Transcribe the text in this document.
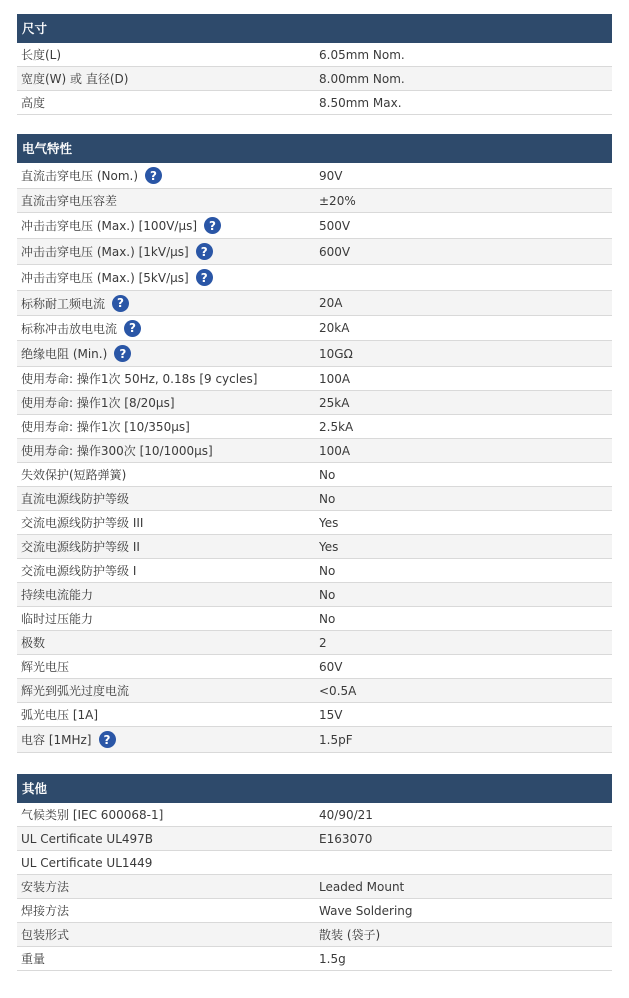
尺寸
长度(L)	6.05mm Nom.
宽度(W) 或 直径(D)	8.00mm Nom.
高度	8.50mm Max.
电气特性
直流击穿电压 (Nom.)	?	90V
直流击穿电压容差	±20%
冲击击穿电压 (Max.) [100V/µs]	?	500V
冲击击穿电压 (Max.) [1kV/µs]	?	600V
冲击击穿电压 (Max.) [5kV/µs]	?
标称耐工频电流	?	20A
标称冲击放电电流	?	20kA
绝缘电阻 (Min.)	?	10GΩ
使用寿命: 操作1次 50Hz, 0.18s [9 cycles]	100A
使用寿命: 操作1次 [8/20µs]	25kA
使用寿命: 操作1次 [10/350µs]	2.5kA
使用寿命: 操作300次 [10/1000µs]	100A
失效保护(短路弹簧)	No
直流电源线防护等级	No
交流电源线防护等级 III	Yes
交流电源线防护等级 II	Yes
交流电源线防护等级 I	No
持续电流能力	No
临时过压能力	No
极数	2
辉光电压	60V
辉光到弧光过度电流	<0.5A
弧光电压 [1A]	15V
电容 [1MHz]	?	1.5pF
其他
气候类别 [IEC 600068-1]	40/90/21
UL Certificate UL497B	E163070
UL Certificate UL1449
安装方法	Leaded Mount
焊接方法	Wave Soldering
包装形式	散装 (袋子)
重量	1.5g
